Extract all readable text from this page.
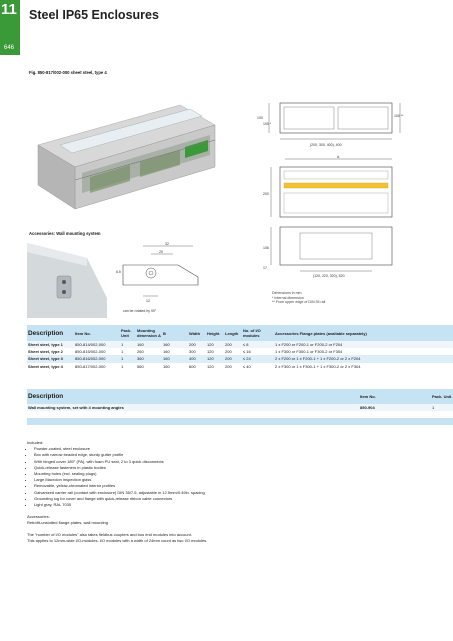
11
646
Steel IP65 Enclosures
Fig. 850-817/002-000 sheet steel, type 4
(200, 300, 400), 400
100
100 *
100 **
A
200
(120, 220, 320), 520
106
17
Dimensions in mm
* Internal dimension
** From upper edge of DIN 35 rail
Accessories: Wall mounting system
32
20
6.5
12
can be rotated by 90°
Description	Item No.	Pack. Unit	Mounting dimension A	B	Width	Height	Length	No. of I/O modules	Accessories Flange plates (available separately)
Sheet steel, type 1	850-814/002-000	1	160	160	200	120	200	≤ 8	1 x F200 or F200-1 or F200-2 or F204
Sheet steel, type 2	850-815/002-000	1	260	160	300	120	200	≤ 16	1 x F300 or F300-1 or F300-2 or F304
Sheet steel, type 3	850-816/002-000	1	360	160	400	120	200	≤ 24	2 x F200 or 1 x F200-1 + 1 x F200-2 or 2 x F204
Sheet steel, type 4	850-817/002-000	1	560	160	600	120	200	≤ 40	2 x F300 or 1 x F300-1 + 1 x F300-2 or 2 x F304
Description	Item No.	Pack. Unit
Wall mounting system, set with 4 mounting angles	850-904	1

Included:

• Powder-coated, steel enclosure
• Box with narrow beaded edge, sturdy gutter profile
• With hinged cover 180° (PA), with foam PU seal, 2 to 3 quick disconnects
• Quick-release fasteners in plastic bodies
• Mounting holes (incl. sealing plugs)
• Large Macrolon inspection glass
• Removable, yellow-chromated interior profiles
• Galvanized carrier rail (contact with enclosure) DIN 35/7.5, adjustable in 12.5mm/0.49in. spacing
• Grounding lug for cover and flange with quick-release ribbon cable connectors
• Light gray, RAL 7035

Accessories:

Retrofit-unslotted flange plates, wall mounting

The "number of I/O modules" also takes fieldbus couplers and bus end modules into account.

This applies to 12mm-wide I/O-modules. I/O modules with a width of 24mm count as two I/O modules.
